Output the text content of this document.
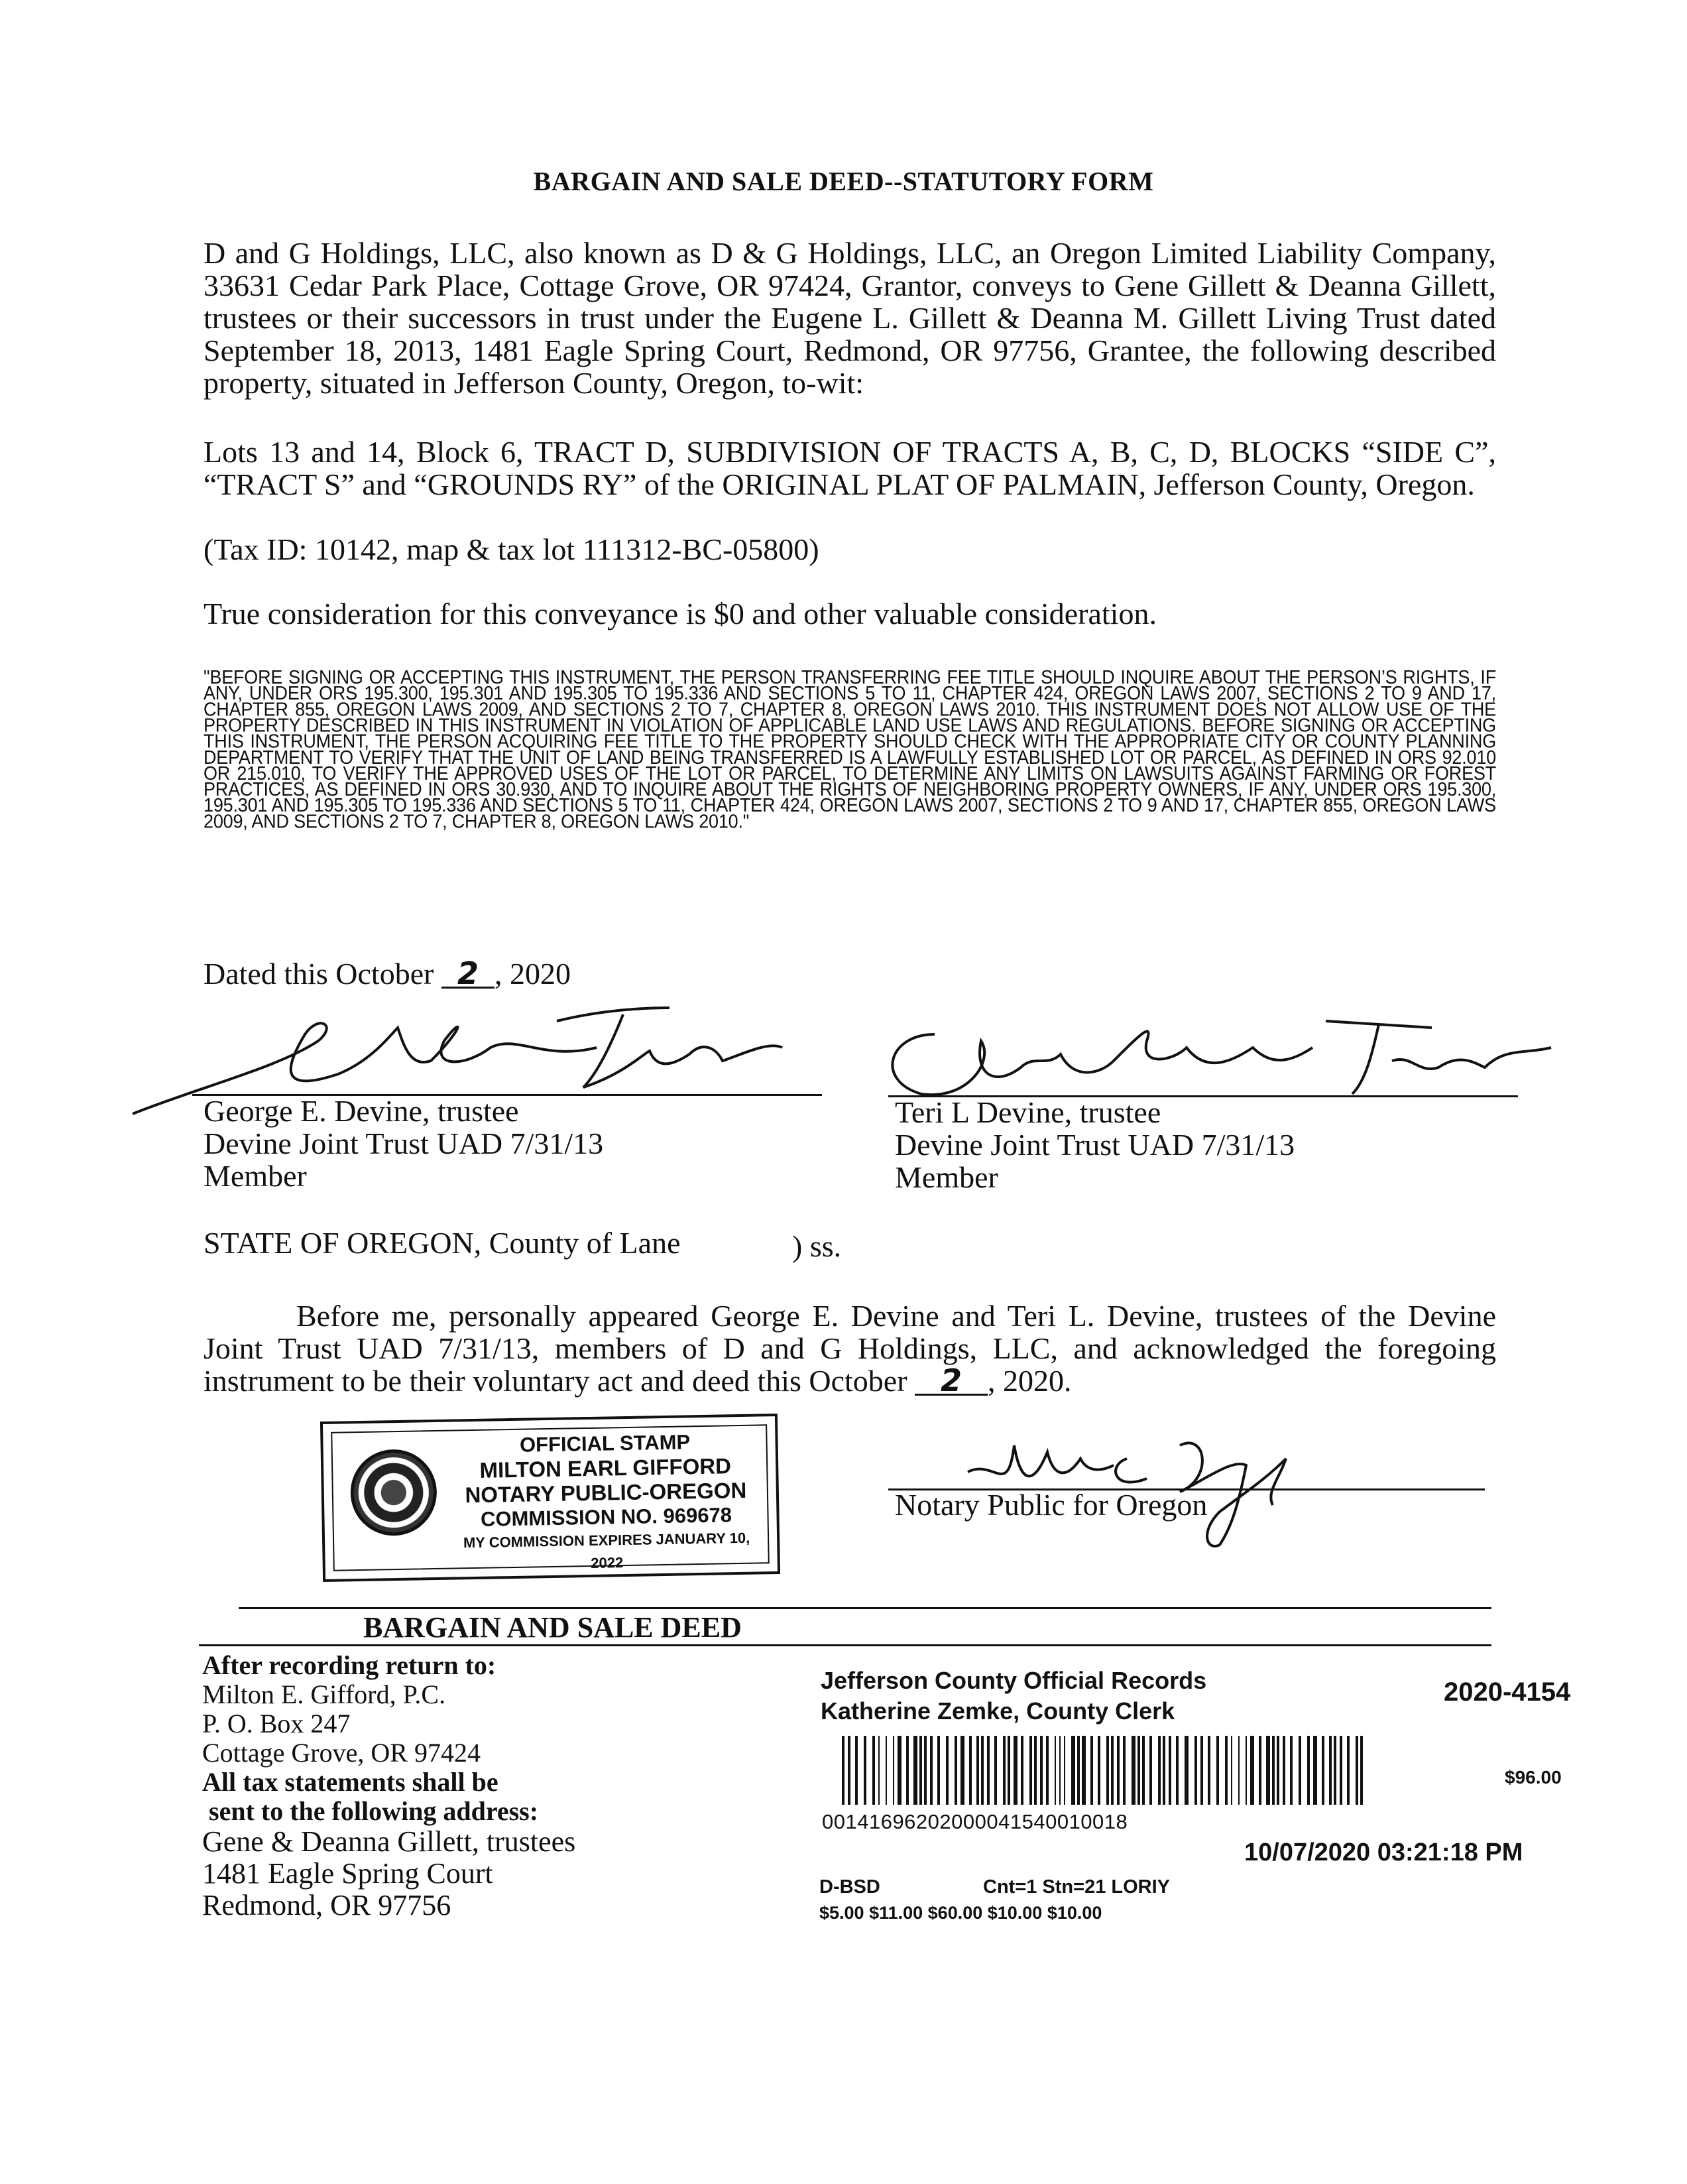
BARGAIN AND SALE DEED--STATUTORY FORM
D and G Holdings, LLC, also known as D & G Holdings, LLC, an Oregon Limited Liability Company, 33631 Cedar Park Place, Cottage Grove, OR 97424, Grantor, conveys to Gene Gillett & Deanna Gillett, trustees or their successors in trust under the Eugene L. Gillett & Deanna M. Gillett Living Trust dated September 18, 2013, 1481 Eagle Spring Court, Redmond, OR 97756, Grantee, the following described property, situated in Jefferson County, Oregon, to-wit:
Lots 13 and 14, Block 6, TRACT D, SUBDIVISION OF TRACTS A, B, C, D, BLOCKS “SIDE C”, “TRACT S” and “GROUNDS RY” of the ORIGINAL PLAT OF PALMAIN, Jefferson County, Oregon.
(Tax ID: 10142, map & tax lot 111312-BC-05800)
True consideration for this conveyance is $0 and other valuable consideration.
"BEFORE SIGNING OR ACCEPTING THIS INSTRUMENT, THE PERSON TRANSFERRING FEE TITLE SHOULD INQUIRE ABOUT THE PERSON’S RIGHTS, IF ANY, UNDER ORS 195.300, 195.301 AND 195.305 TO 195.336 AND SECTIONS 5 TO 11, CHAPTER 424, OREGON LAWS 2007, SECTIONS 2 TO 9 AND 17, CHAPTER 855, OREGON LAWS 2009, AND SECTIONS 2 TO 7, CHAPTER 8, OREGON LAWS 2010. THIS INSTRUMENT DOES NOT ALLOW USE OF THE PROPERTY DESCRIBED IN THIS INSTRUMENT IN VIOLATION OF APPLICABLE LAND USE LAWS AND REGULATIONS. BEFORE SIGNING OR ACCEPTING THIS INSTRUMENT, THE PERSON ACQUIRING FEE TITLE TO THE PROPERTY SHOULD CHECK WITH THE APPROPRIATE CITY OR COUNTY PLANNING DEPARTMENT TO VERIFY THAT THE UNIT OF LAND BEING TRANSFERRED IS A LAWFULLY ESTABLISHED LOT OR PARCEL, AS DEFINED IN ORS 92.010 OR 215.010, TO VERIFY THE APPROVED USES OF THE LOT OR PARCEL, TO DETERMINE ANY LIMITS ON LAWSUITS AGAINST FARMING OR FOREST PRACTICES, AS DEFINED IN ORS 30.930, AND TO INQUIRE ABOUT THE RIGHTS OF NEIGHBORING PROPERTY OWNERS, IF ANY, UNDER ORS 195.300, 195.301 AND 195.305 TO 195.336 AND SECTIONS 5 TO 11, CHAPTER 424, OREGON LAWS 2007, SECTIONS 2 TO 9 AND 17, CHAPTER 855, OREGON LAWS 2009, AND SECTIONS 2 TO 7, CHAPTER 8, OREGON LAWS 2010."
Dated this October 2 , 2020
George E. Devine, trustee
Devine Joint Trust UAD 7/31/13
Member
Teri L Devine, trustee
Devine Joint Trust UAD 7/31/13
Member
STATE OF OREGON, County of Lane	) ss.
Before me, personally appeared George E. Devine and Teri L. Devine, trustees of the Devine Joint Trust UAD 7/31/13, members of D and G Holdings, LLC, and acknowledged the foregoing instrument to be their voluntary act and deed this October 2 , 2020.
OFFICIAL STAMP
MILTON EARL GIFFORD
NOTARY PUBLIC-OREGON
COMMISSION NO. 969678
MY COMMISSION EXPIRES JANUARY 10, 2022
Notary Public for Oregon
BARGAIN AND SALE DEED
After recording return to:
Milton E. Gifford, P.C.
P. O. Box 247
Cottage Grove, OR 97424
All tax statements shall be
sent to the following address:
Gene & Deanna Gillett, trustees
1481 Eagle Spring Court
Redmond, OR 97756
Jefferson County Official Records
Katherine Zemke, County Clerk
2020-4154
$96.00
00141696202000041540010018
10/07/2020 03:21:18 PM
D-BSD	Cnt=1 Stn=21 LORIY
$5.00 $11.00 $60.00 $10.00 $10.00
